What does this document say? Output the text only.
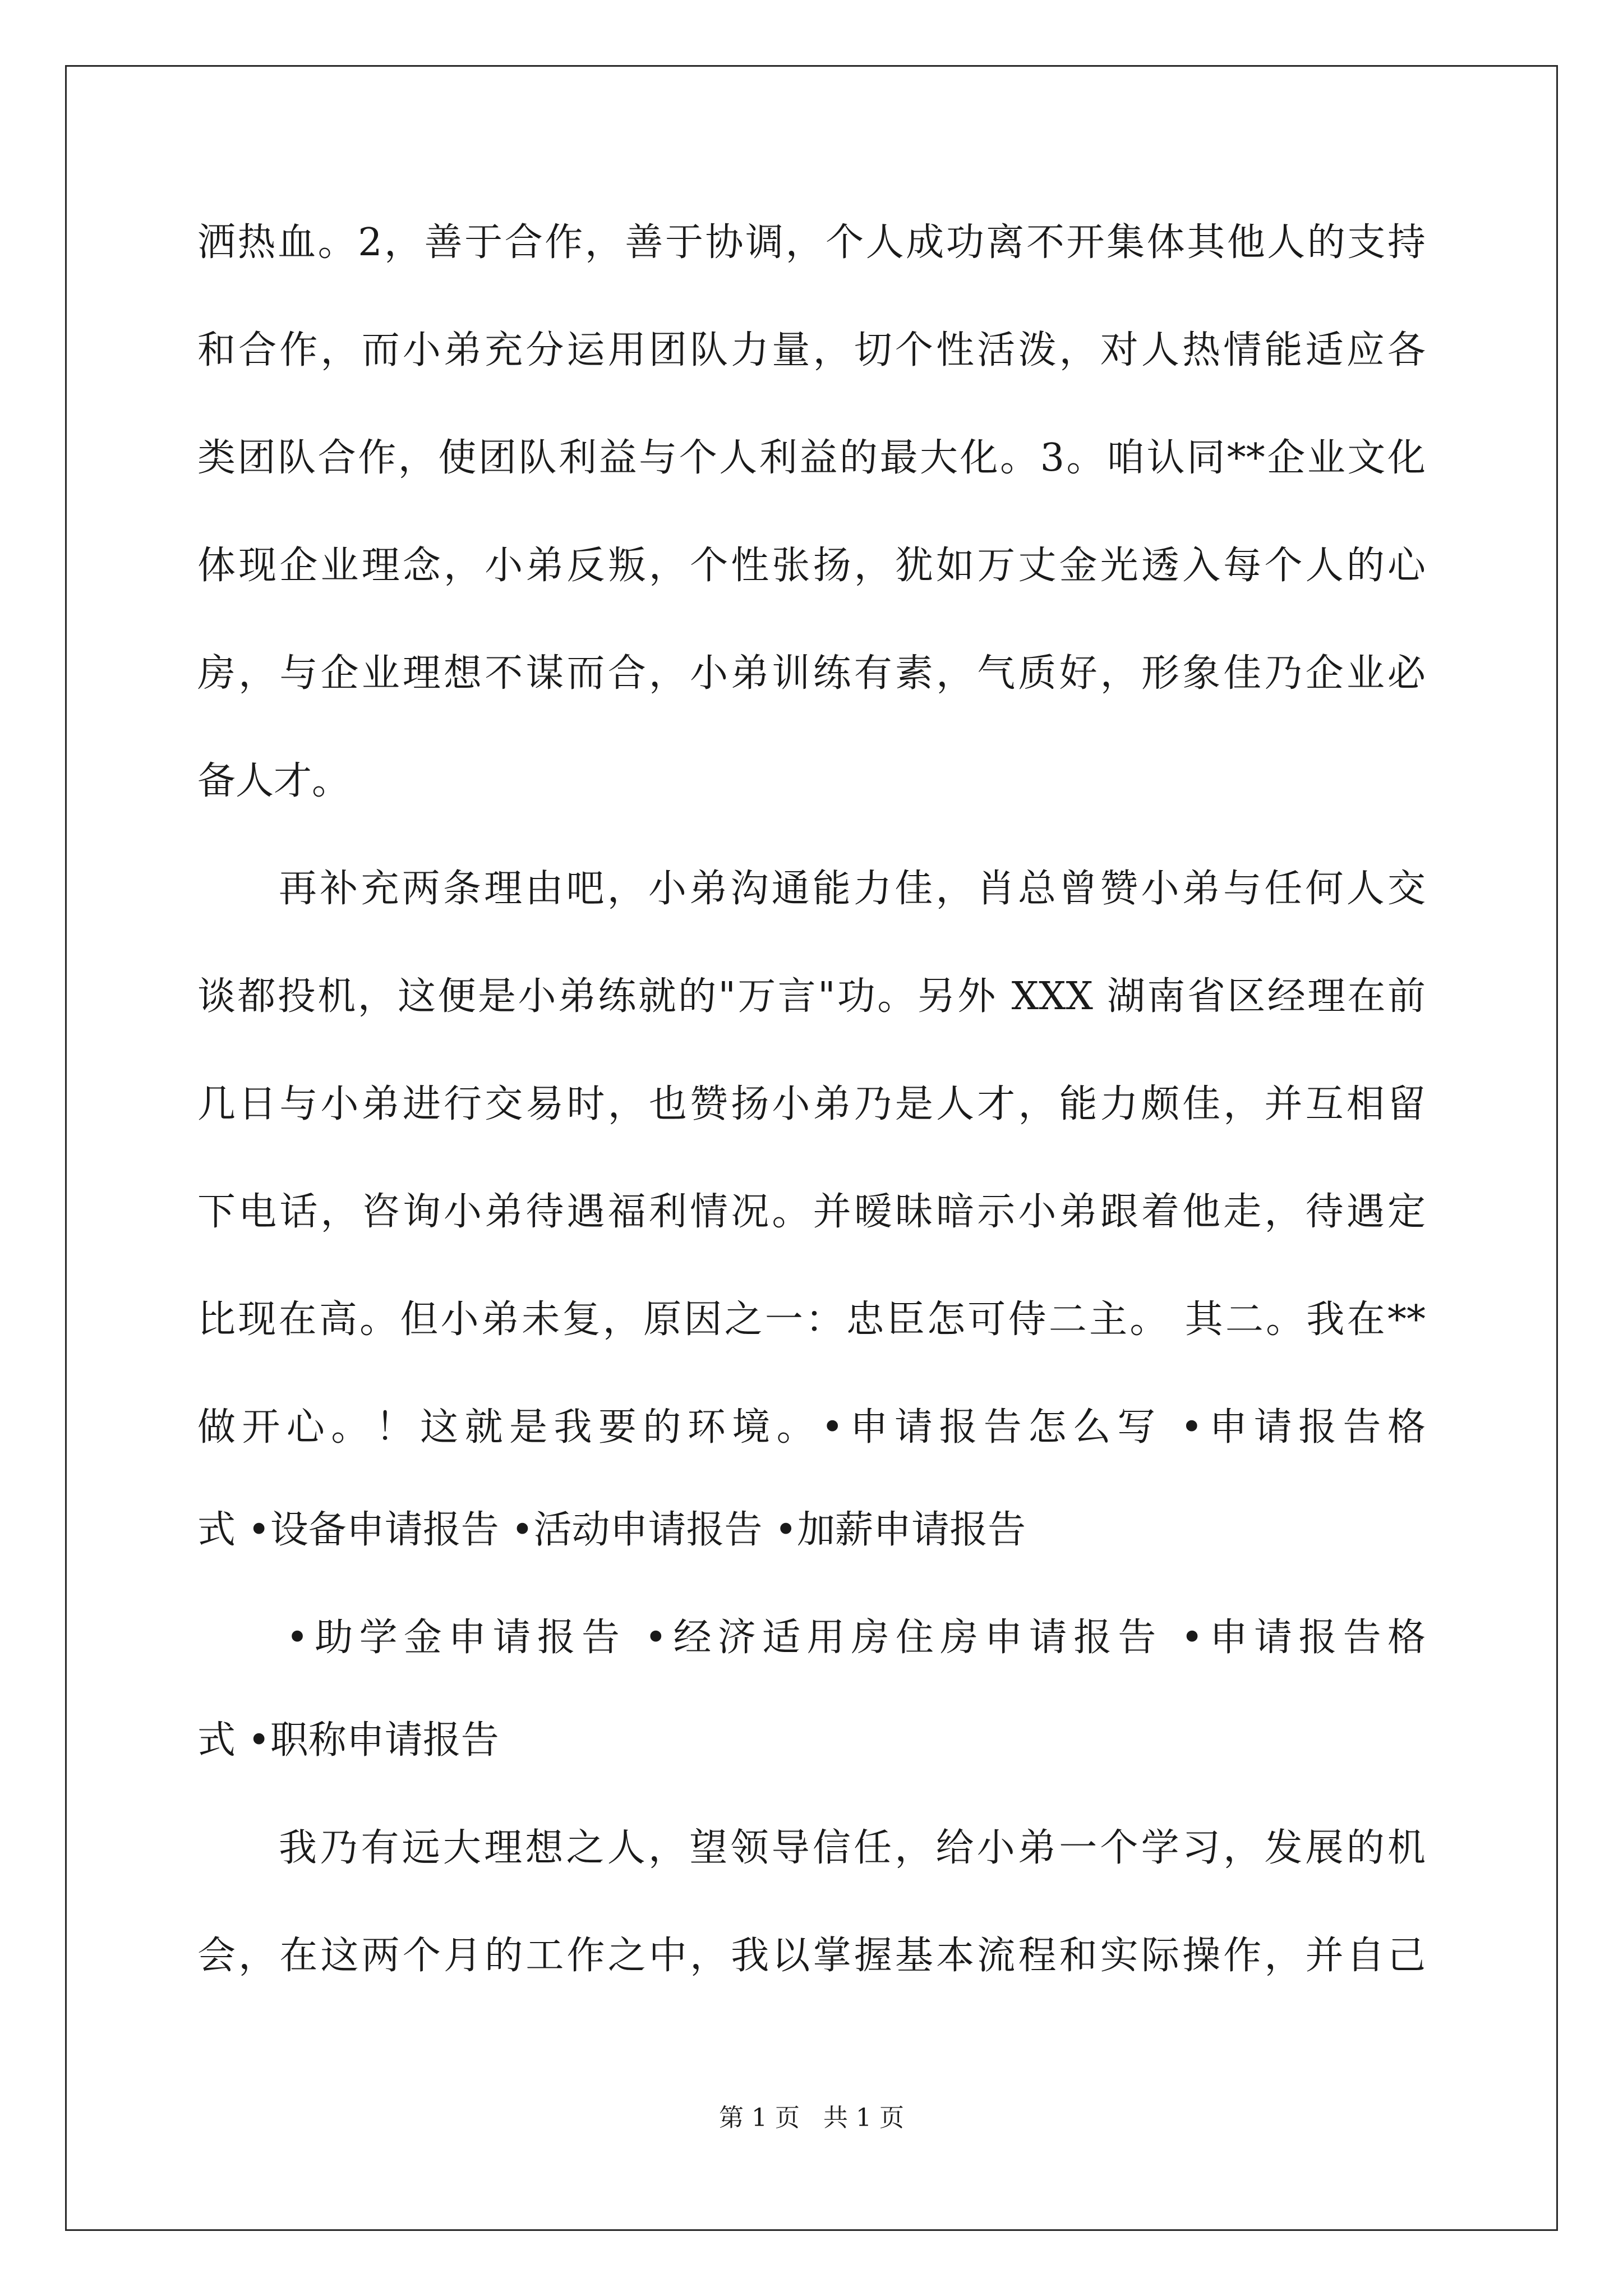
洒热血。2，善于合作，善于协调，个人成功离不开集体其他人的支持
和合作，而小弟充分运用团队力量，切个性活泼，对人热情能适应各
类团队合作，使团队利益与个人利益的最大化。3。咱认同**企业文化
体现企业理念，小弟反叛，个性张扬，犹如万丈金光透入每个人的心
房，与企业理想不谋而合，小弟训练有素，气质好，形象佳乃企业必
备人才。
再补充两条理由吧，小弟沟通能力佳，肖总曾赞小弟与任何人交
谈都投机，这便是小弟练就的"万言"功。另外 XXX 湖南省区经理在前
几日与小弟进行交易时，也赞扬小弟乃是人才，能力颇佳，并互相留
下电话，咨询小弟待遇福利情况。并暧昧暗示小弟跟着他走，待遇定
比现在高。但小弟未复，原因之一：忠臣怎可侍二主。 其二。我在**
做开心。！这就是我要的环境。•申请报告怎么写 •申请报告格
式 •设备申请报告 •活动申请报告 •加薪申请报告
•助学金申请报告 •经济适用房住房申请报告 •申请报告格
式 •职称申请报告
我乃有远大理想之人，望领导信任，给小弟一个学习，发展的机
会，在这两个月的工作之中，我以掌握基本流程和实际操作，并自己
第 1 页   共 1 页
